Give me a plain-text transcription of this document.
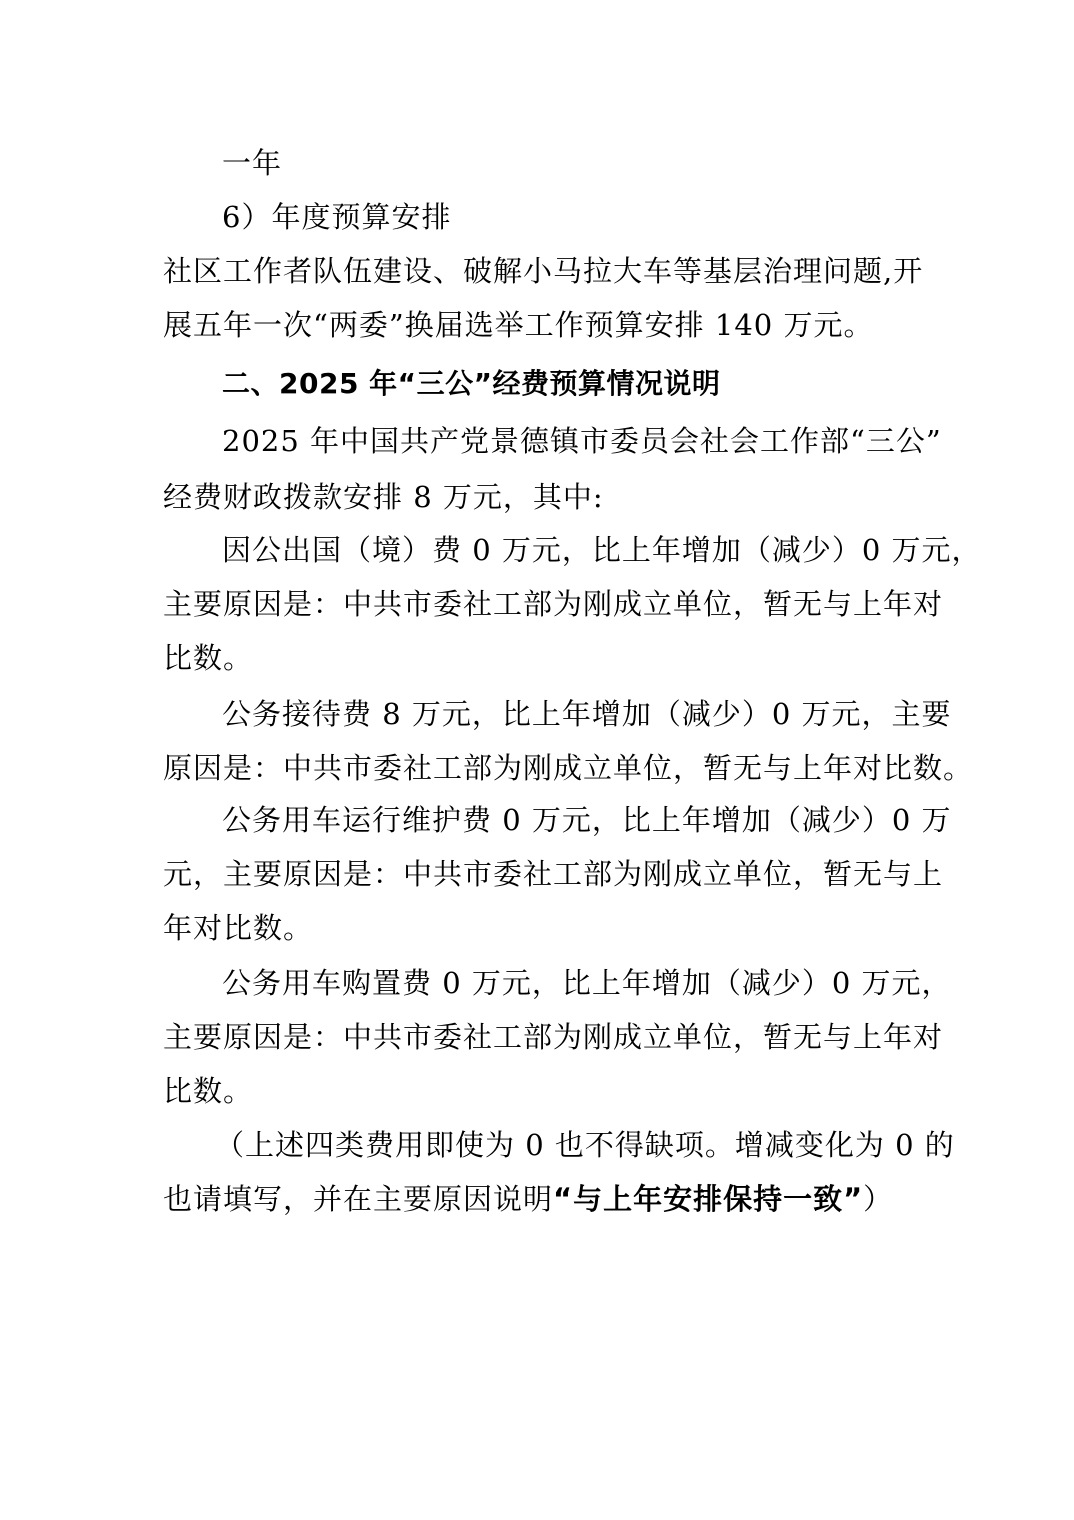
一年
6）年度预算安排
社区工作者队伍建设、破解小马拉大车等基层治理问题,开
展五年一次“两委”换届选举工作预算安排 140 万元。
二、2025 年“三公”经费预算情况说明
2025 年中国共产党景德镇市委员会社会工作部“三公”
经费财政拨款安排 8 万元，其中:
因公出国（境）费 0 万元，比上年增加（减少）0 万元，
主要原因是：中共市委社工部为刚成立单位，暂无与上年对
比数。
公务接待费 8 万元，比上年增加（减少）0 万元，主要
原因是：中共市委社工部为刚成立单位，暂无与上年对比数。
公务用车运行维护费 0 万元，比上年增加（减少）0 万
元，主要原因是：中共市委社工部为刚成立单位，暂无与上
年对比数。
公务用车购置费 0 万元，比上年增加（减少）0 万元，
主要原因是：中共市委社工部为刚成立单位，暂无与上年对
比数。
（上述四类费用即使为 0 也不得缺项。增减变化为 0 的
也请填写，并在主要原因说明“与上年安排保持一致”）
